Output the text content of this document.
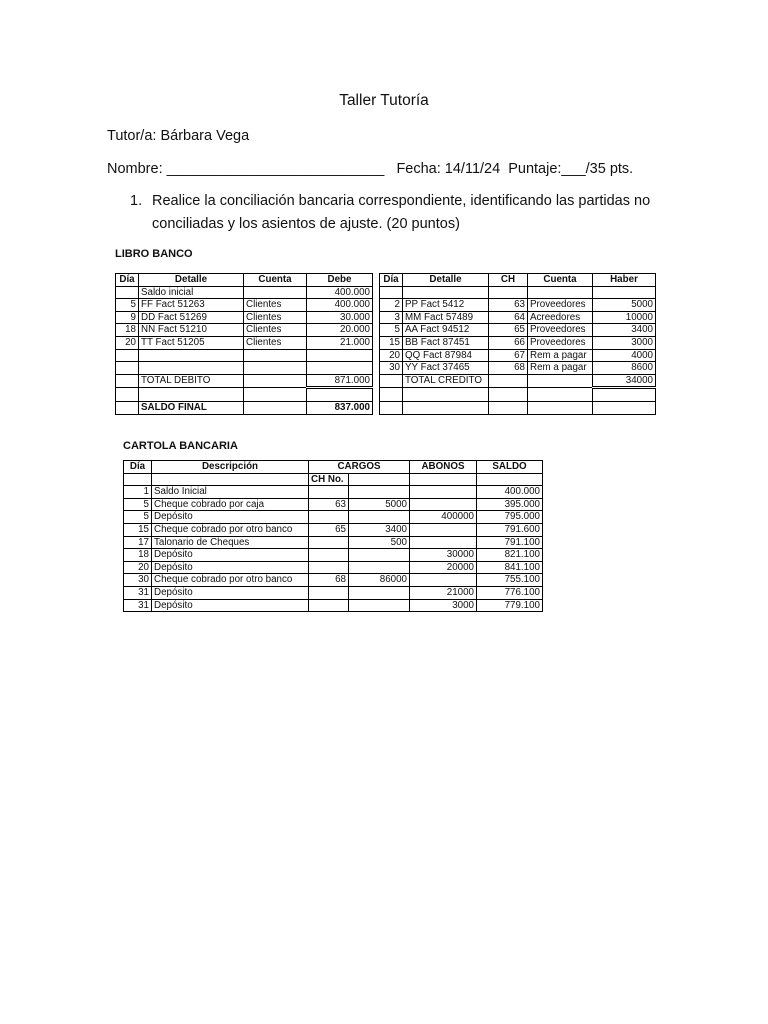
Taller Tutoría
Tutor/a: Bárbara Vega
Nombre: ___________________________   Fecha: 14/11/24  Puntaje:___/35 pts.
1. Realice la conciliación bancaria correspondiente, identificando las partidas no conciliadas y los asientos de ajuste. (20 puntos)
LIBRO BANCO
Día	Detalle	Cuenta	Debe		Día	Detalle	CH	Cuenta	Haber
	Saldo inicial		400.000						
5	FF Fact 51263	Clientes	400.000		2	PP Fact 5412	63	Proveedores	5000
9	DD Fact 51269	Clientes	30.000		3	MM Fact 57489	64	Acreedores	10000
18	NN Fact 51210	Clientes	20.000		5	AA Fact 94512	65	Proveedores	3400
20	TT Fact 51205	Clientes	21.000		15	BB Fact 87451	66	Proveedores	3000
					20	QQ Fact 87984	67	Rem a pagar	4000
					30	YY Fact 37465	68	Rem a pagar	8600
	TOTAL DEBITO		871.000			TOTAL CREDITO			34000

	SALDO FINAL		837.000						
CARTOLA BANCARIA
Día	Descripción	CARGOS		ABONOS	SALDO
		CH No.			
1	Saldo Inicial				400.000
5	Cheque cobrado por caja	63	5000		395.000
5	Depósito			400000	795.000
15	Cheque cobrado por otro banco	65	3400		791.600
17	Talonario de Cheques		500		791.100
18	Depósito			30000	821.100
20	Depósito			20000	841.100
30	Cheque cobrado por otro banco	68	86000		755.100
31	Depósito			21000	776.100
31	Depósito			3000	779.100
